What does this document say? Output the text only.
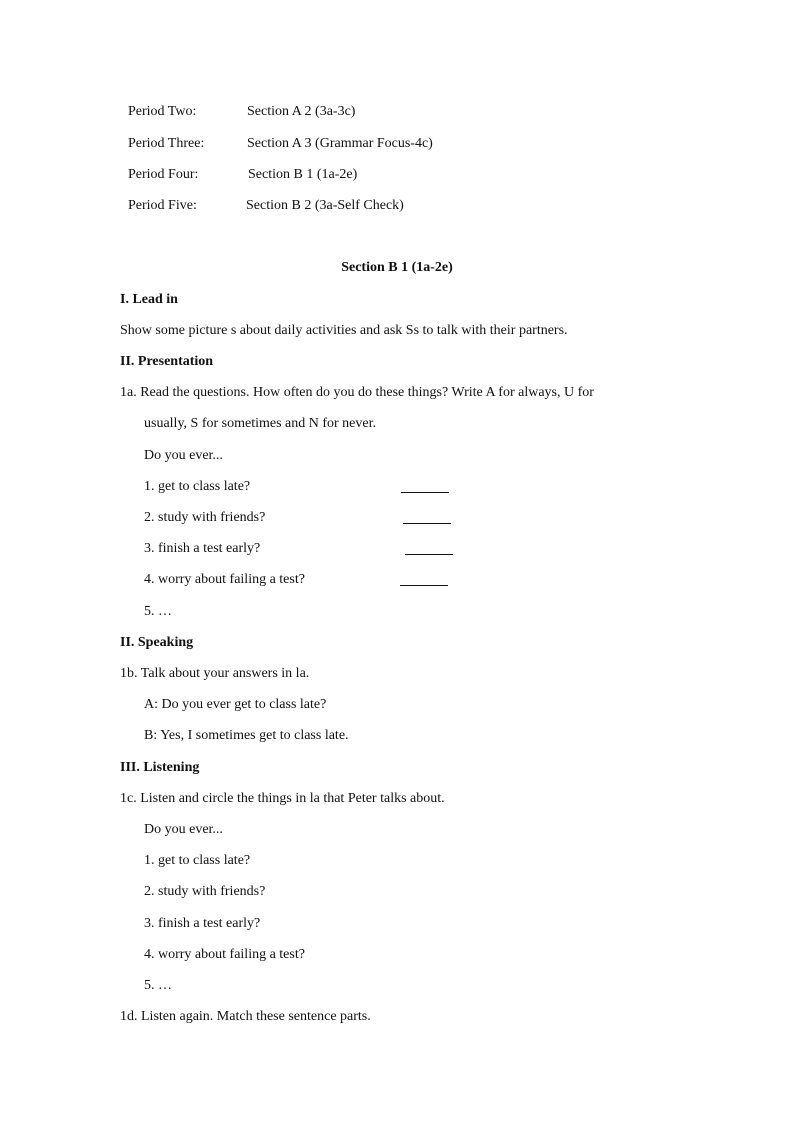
Period Two:	Section A 2 (3a-3c)
Period Three:	Section A 3 (Grammar Focus-4c)
Period Four:	Section B 1 (1a-2e)
Period Five:	Section B 2 (3a-Self Check)
Section B 1 (1a-2e)
I. Lead in
Show some picture s about daily activities and ask Ss to talk with their partners.
II. Presentation
1a. Read the questions. How often do you do these things? Write A for always, U for
usually, S for sometimes and N for never.
Do you ever...
1. get to class late?
2. study with friends?
3. finish a test early?
4. worry about failing a test?
5. …
II. Speaking
1b. Talk about your answers in la.
A: Do you ever get to class late?
B: Yes, I sometimes get to class late.
III. Listening
1c. Listen and circle the things in la that Peter talks about.
Do you ever...
1. get to class late?
2. study with friends?
3. finish a test early?
4. worry about failing a test?
5. …
1d. Listen again. Match these sentence parts.
